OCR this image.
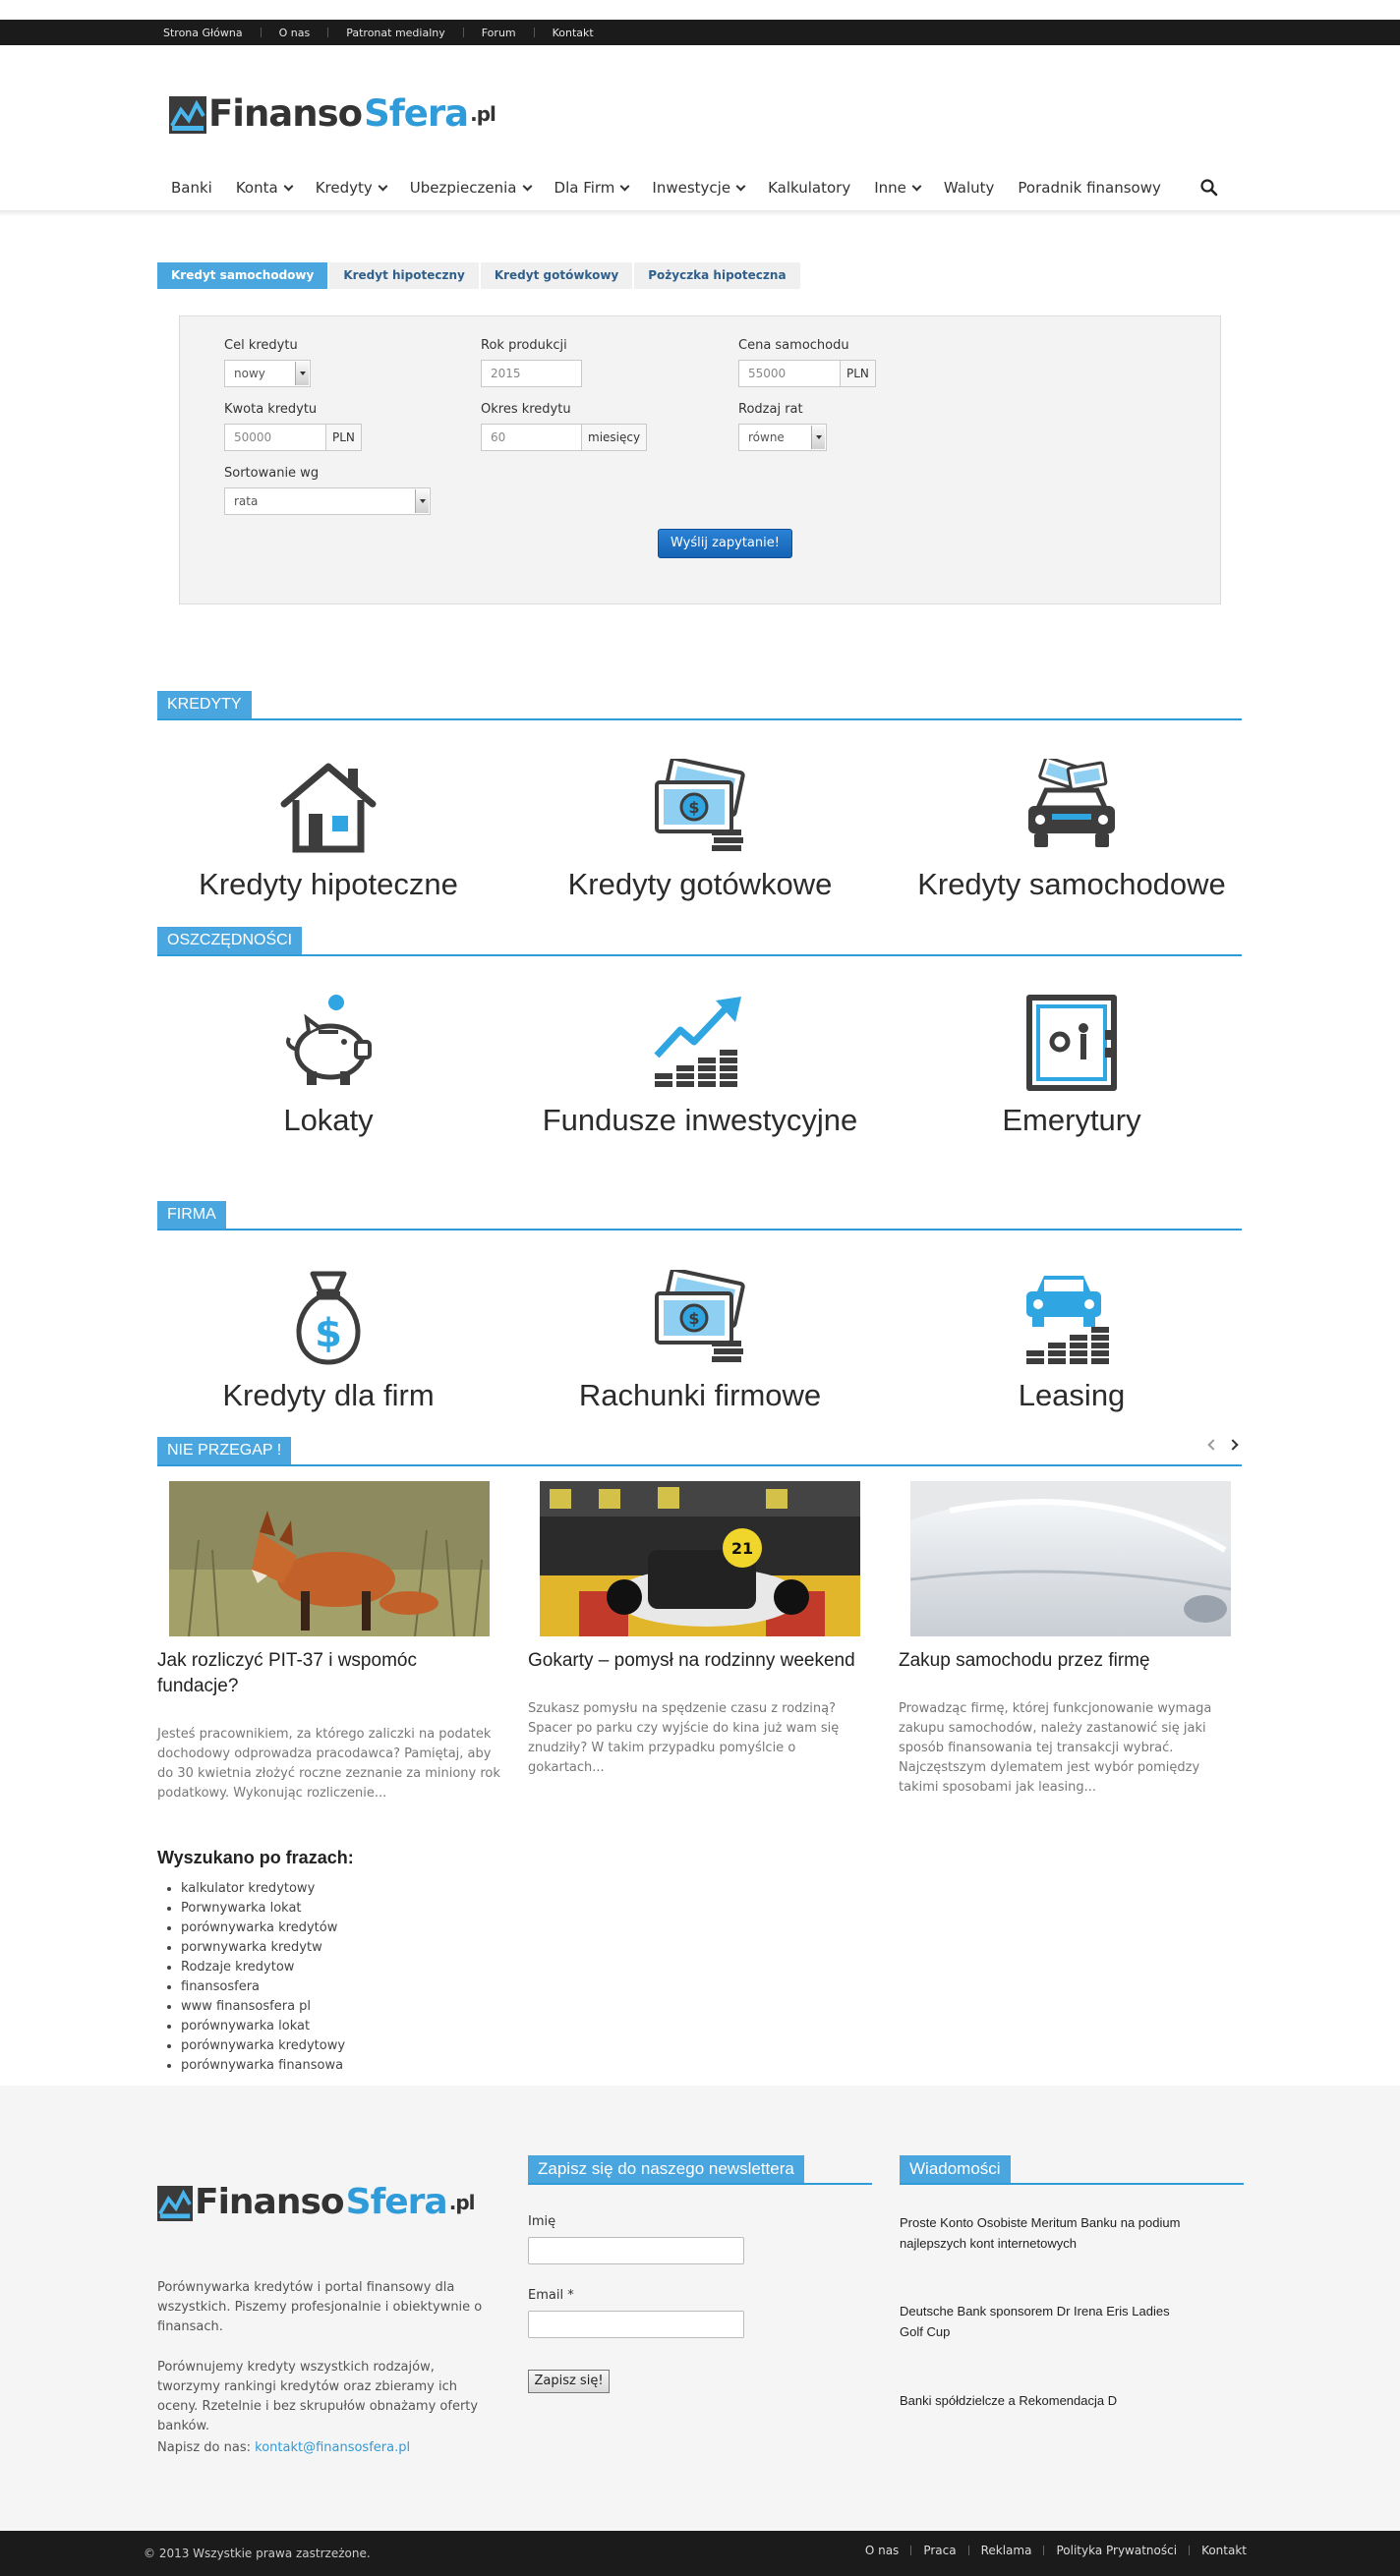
Strona Główna	O nas	Patronat medialny	Forum	Kontakt
Finanso Sfera .pl
Banki Konta	Kredyty	Ubezpieczenia	Dla Firm	Inwestycje	Kalkulatory Inne	Waluty Poradnik finansowy
Kredyt samochodowy	Kredyt hipoteczny	Kredyt gotówkowy	Pożyczka hipoteczna
Cel kredytu
nowy
Rok produkcji
2015
Cena samochodu
55000	PLN
Kwota kredytu
50000	PLN
Okres kredytu
60	miesięcy
Rodzaj rat
równe
Sortowanie wg
rata
Wyślij zapytanie!
KREDYTY
Kredyty hipoteczne
$
Kredyty gotówkowe	Kredyty samochodowe
OSZCZĘDNOŚCI
Lokaty	Fundusze inwestycyjne	Emerytury
FIRMA
$
Kredyty dla firm
$
Rachunki firmowe	Leasing
NIE PRZEGAP !
Jak rozliczyć PIT-37 i wspomóc fundacje?
Jesteś pracownikiem, za którego zaliczki na podatek dochodowy odprowadza pracodawca? Pamiętaj, aby do 30 kwietnia złożyć roczne zeznanie za miniony rok podatkowy. Wykonując rozliczenie...
21
Gokarty – pomysł na rodzinny weekend
Szukasz pomysłu na spędzenie czasu z rodziną? Spacer po parku czy wyjście do kina już wam się znudziły? W takim przypadku pomyślcie o gokartach...
Zakup samochodu przez firmę
Prowadząc firmę, której funkcjonowanie wymaga zakupu samochodów, należy zastanowić się jaki sposób finansowania tej transakcji wybrać. Najczęstszym dylematem jest wybór pomiędzy takimi sposobami jak leasing...
Wyszukano po frazach:
• kalkulator kredytowy
• Porwnywarka lokat
• porównywarka kredytów
• porwnywarka kredytw
• Rodzaje kredytow
• finansosfera
• www finansosfera pl
• porównywarka lokat
• porównywarka kredytowy
• porównywarka finansowa
Finanso Sfera .pl
Porównywarka kredytów i portal finansowy dla wszystkich. Piszemy profesjonalnie i obiektywnie o finansach.
Porównujemy kredyty wszystkich rodzajów, tworzymy rankingi kredytów oraz zbieramy ich oceny. Rzetelnie i bez skrupułów obnażamy oferty banków.
Napisz do nas: kontakt@finansosfera.pl
Zapisz się do naszego newslettera
Imię
Email *
Zapisz się!
Wiadomości
Proste Konto Osobiste Meritum Banku na podium najlepszych kont internetowych
Deutsche Bank sponsorem Dr Irena Eris Ladies Golf Cup
Banki spółdzielcze a Rekomendacja D
© 2013 Wszystkie prawa zastrzeżone.	O nas Praca Reklama Polityka Prywatności Kontakt
